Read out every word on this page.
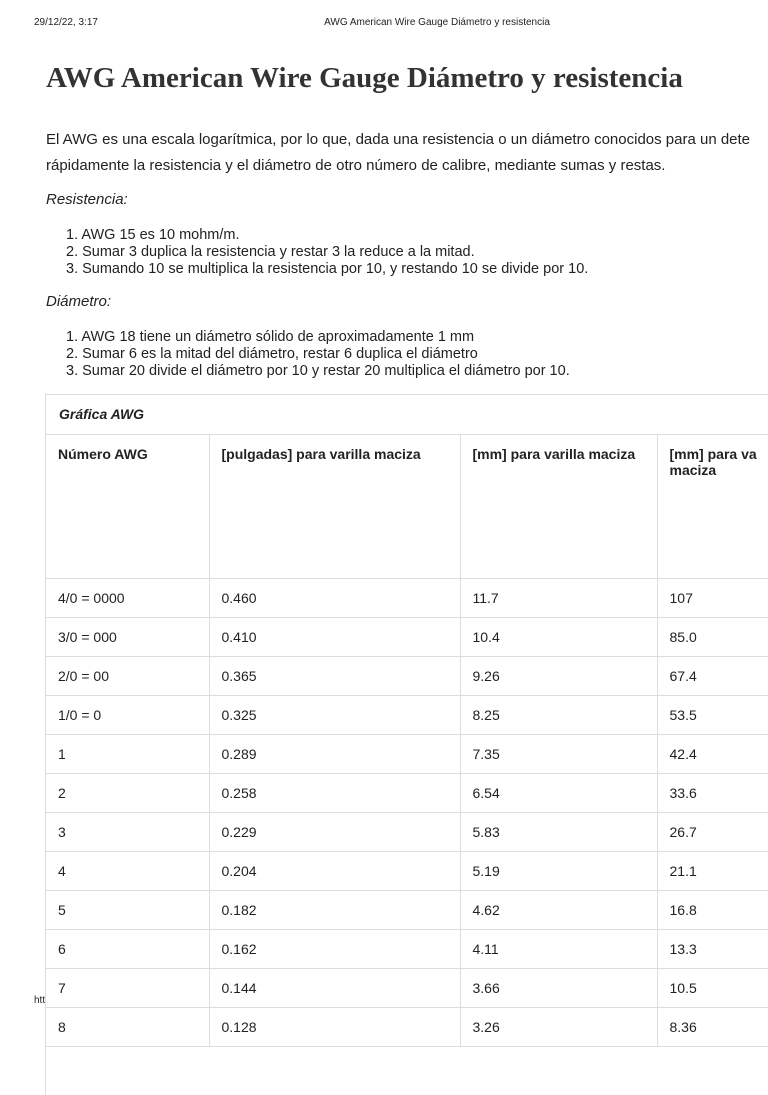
29/12/22, 3:17	AWG American Wire Gauge Diámetro y resistencia
AWG American Wire Gauge Diámetro y resistencia

El AWG es una escala logarítmica, por lo que, dada una resistencia o un diámetro conocidos para un dete
rápidamente la resistencia y el diámetro de otro número de calibre, mediante sumas y restas.

Resistencia:

1. AWG 15 es 10 mohm/m.
2. Sumar 3 duplica la resistencia y restar 3 la reduce a la mitad.
3. Sumando 10 se multiplica la resistencia por 10, y restando 10 se divide por 10.

Diámetro:

1. AWG 18 tiene un diámetro sólido de aproximadamente 1 mm
2. Sumar 6 es la mitad del diámetro, restar 6 duplica el diámetro
3. Sumar 20 divide el diámetro por 10 y restar 20 multiplica el diámetro por 10.
Gráfica AWG
Número AWG	[pulgadas] para varilla maciza	[mm] para varilla maciza	[mm] para va maciza
4/0 = 0000	0.460	11.7	107
3/0 = 000	0.410	10.4	85.0
2/0 = 00	0.365	9.26	67.4
1/0 = 0	0.325	8.25	53.5
1	0.289	7.35	42.4
2	0.258	6.54	33.6
3	0.229	5.83	26.7
4	0.204	5.19	21.1
5	0.182	4.62	16.8
6	0.162	4.11	13.3
7	0.144	3.66	10.5
8	0.128	3.26	8.36
htt
